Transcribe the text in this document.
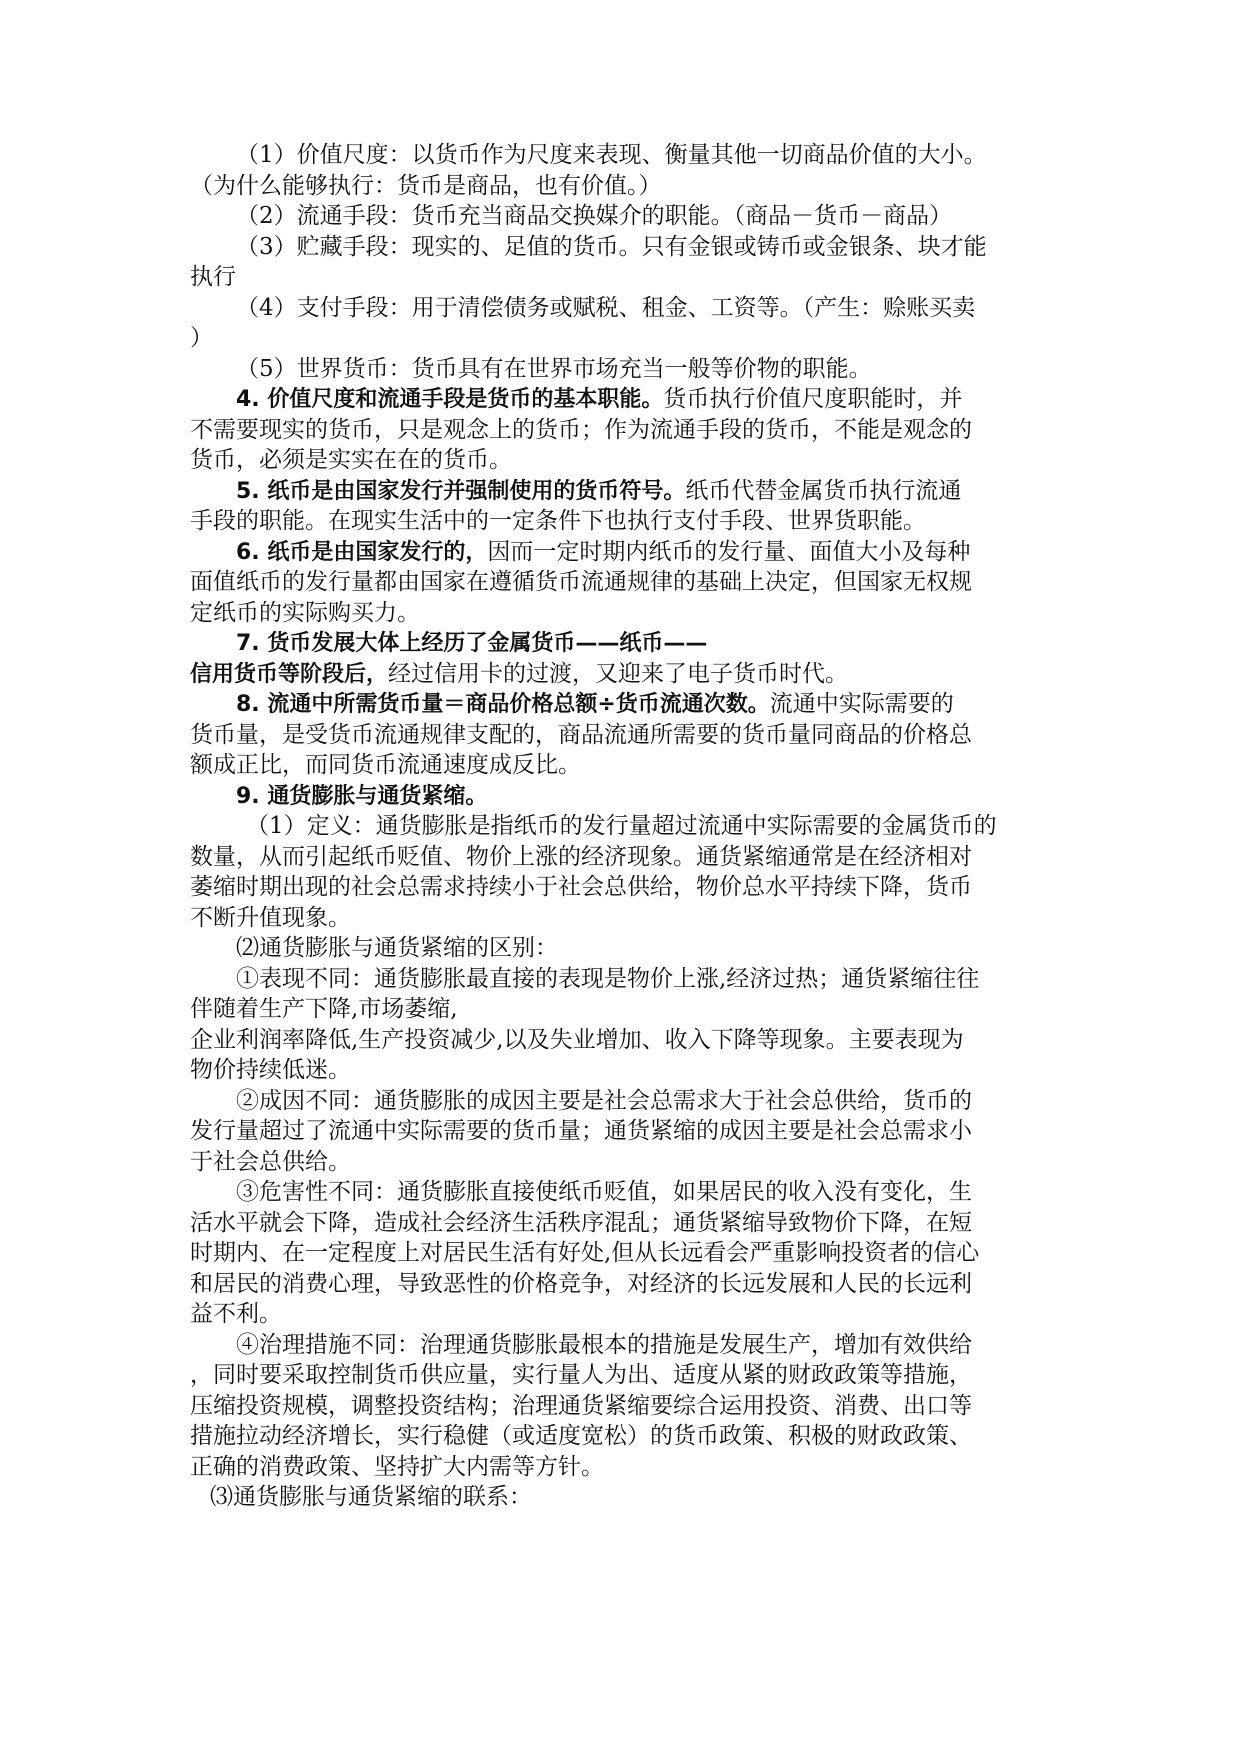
（1）价值尺度：以货币作为尺度来表现、衡量其他一切商品价值的大小。
（为什么能够执行：货币是商品，也有价值。）
（2）流通手段：货币充当商品交换媒介的职能。（商品－货币－商品）
（3）贮藏手段：现实的、足值的货币。只有金银或铸币或金银条、块才能
执行
（4）支付手段：用于清偿债务或赋税、租金、工资等。（产生：赊账买卖
）
（5）世界货币：货币具有在世界市场充当一般等价物的职能。
4. 价值尺度和流通手段是货币的基本职能。货币执行价值尺度职能时，并
不需要现实的货币，只是观念上的货币；作为流通手段的货币，不能是观念的
货币，必须是实实在在的货币。
5. 纸币是由国家发行并强制使用的货币符号。纸币代替金属货币执行流通
手段的职能。在现实生活中的一定条件下也执行支付手段、世界货职能。
6. 纸币是由国家发行的，因而一定时期内纸币的发行量、面值大小及每种
面值纸币的发行量都由国家在遵循货币流通规律的基础上决定，但国家无权规
定纸币的实际购买力。
7. 货币发展大体上经历了金属货币——纸币——
信用货币等阶段后，经过信用卡的过渡，又迎来了电子货币时代。
8. 流通中所需货币量＝商品价格总额÷货币流通次数。流通中实际需要的
货币量，是受货币流通规律支配的，商品流通所需要的货币量同商品的价格总
额成正比，而同货币流通速度成反比。
9. 通货膨胀与通货紧缩。
（1）定义：通货膨胀是指纸币的发行量超过流通中实际需要的金属货币的
数量，从而引起纸币贬值、物价上涨的经济现象。通货紧缩通常是在经济相对
萎缩时期出现的社会总需求持续小于社会总供给，物价总水平持续下降，货币
不断升值现象。
⑵通货膨胀与通货紧缩的区别：
①表现不同：通货膨胀最直接的表现是物价上涨,经济过热；通货紧缩往往
伴随着生产下降,市场萎缩,
企业利润率降低,生产投资减少,以及失业增加、收入下降等现象。主要表现为
物价持续低迷。
②成因不同：通货膨胀的成因主要是社会总需求大于社会总供给，货币的
发行量超过了流通中实际需要的货币量；通货紧缩的成因主要是社会总需求小
于社会总供给。
③危害性不同：通货膨胀直接使纸币贬值，如果居民的收入没有变化，生
活水平就会下降，造成社会经济生活秩序混乱；通货紧缩导致物价下降，在短
时期内、在一定程度上对居民生活有好处,但从长远看会严重影响投资者的信心
和居民的消费心理，导致恶性的价格竞争，对经济的长远发展和人民的长远利
益不利。
④治理措施不同：治理通货膨胀最根本的措施是发展生产，增加有效供给
，同时要采取控制货币供应量，实行量人为出、适度从紧的财政政策等措施，
压缩投资规模，调整投资结构；治理通货紧缩要综合运用投资、消费、出口等
措施拉动经济增长，实行稳健（或适度宽松）的货币政策、积极的财政政策、
正确的消费政策、坚持扩大内需等方针。
⑶通货膨胀与通货紧缩的联系：
